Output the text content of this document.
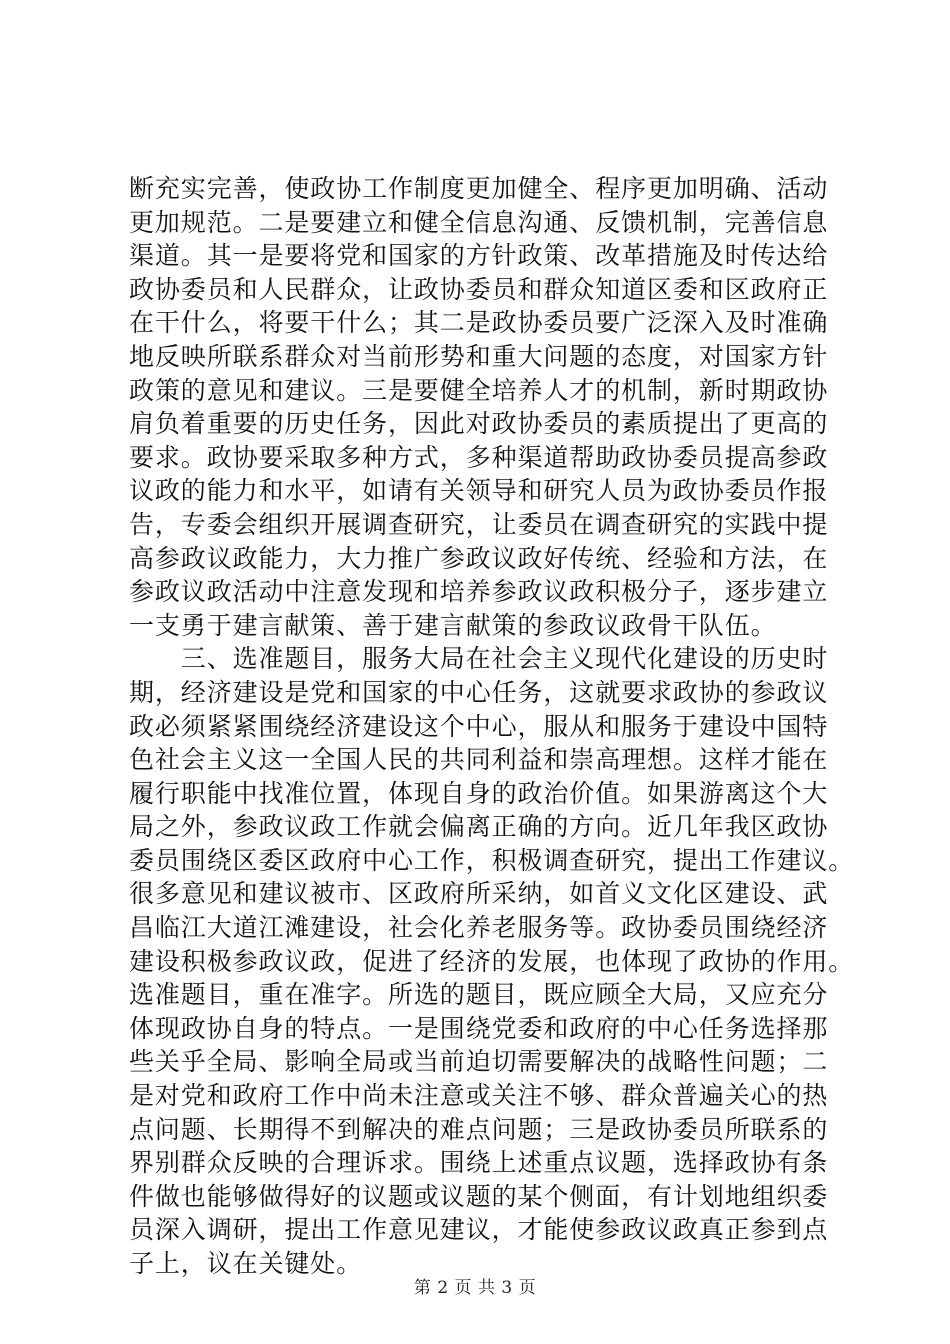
断充实完善，使政协工作制度更加健全、程序更加明确、活动
更加规范。二是要建立和健全信息沟通、反馈机制，完善信息
渠道。其一是要将党和国家的方针政策、改革措施及时传达给
政协委员和人民群众，让政协委员和群众知道区委和区政府正
在干什么，将要干什么；其二是政协委员要广泛深入及时准确
地反映所联系群众对当前形势和重大问题的态度，对国家方针
政策的意见和建议。三是要健全培养人才的机制，新时期政协
肩负着重要的历史任务，因此对政协委员的素质提出了更高的
要求。政协要采取多种方式，多种渠道帮助政协委员提高参政
议政的能力和水平，如请有关领导和研究人员为政协委员作报
告，专委会组织开展调查研究，让委员在调查研究的实践中提
高参政议政能力，大力推广参政议政好传统、经验和方法，在
参政议政活动中注意发现和培养参政议政积极分子，逐步建立
一支勇于建言献策、善于建言献策的参政议政骨干队伍。
　　三、选准题目，服务大局在社会主义现代化建设的历史时
期，经济建设是党和国家的中心任务，这就要求政协的参政议
政必须紧紧围绕经济建设这个中心，服从和服务于建设中国特
色社会主义这一全国人民的共同利益和崇高理想。这样才能在
履行职能中找准位置，体现自身的政治价值。如果游离这个大
局之外，参政议政工作就会偏离正确的方向。近几年我区政协
委员围绕区委区政府中心工作，积极调查研究，提出工作建议。
很多意见和建议被市、区政府所采纳，如首义文化区建设、武
昌临江大道江滩建设，社会化养老服务等。政协委员围绕经济
建设积极参政议政，促进了经济的发展，也体现了政协的作用。
选准题目，重在准字。所选的题目，既应顾全大局，又应充分
体现政协自身的特点。一是围绕党委和政府的中心任务选择那
些关乎全局、影响全局或当前迫切需要解决的战略性问题；二
是对党和政府工作中尚未注意或关注不够、群众普遍关心的热
点问题、长期得不到解决的难点问题；三是政协委员所联系的
界别群众反映的合理诉求。围绕上述重点议题，选择政协有条
件做也能够做得好的议题或议题的某个侧面，有计划地组织委
员深入调研，提出工作意见建议，才能使参政议政真正参到点
子上，议在关键处。
第 2 页 共 3 页
